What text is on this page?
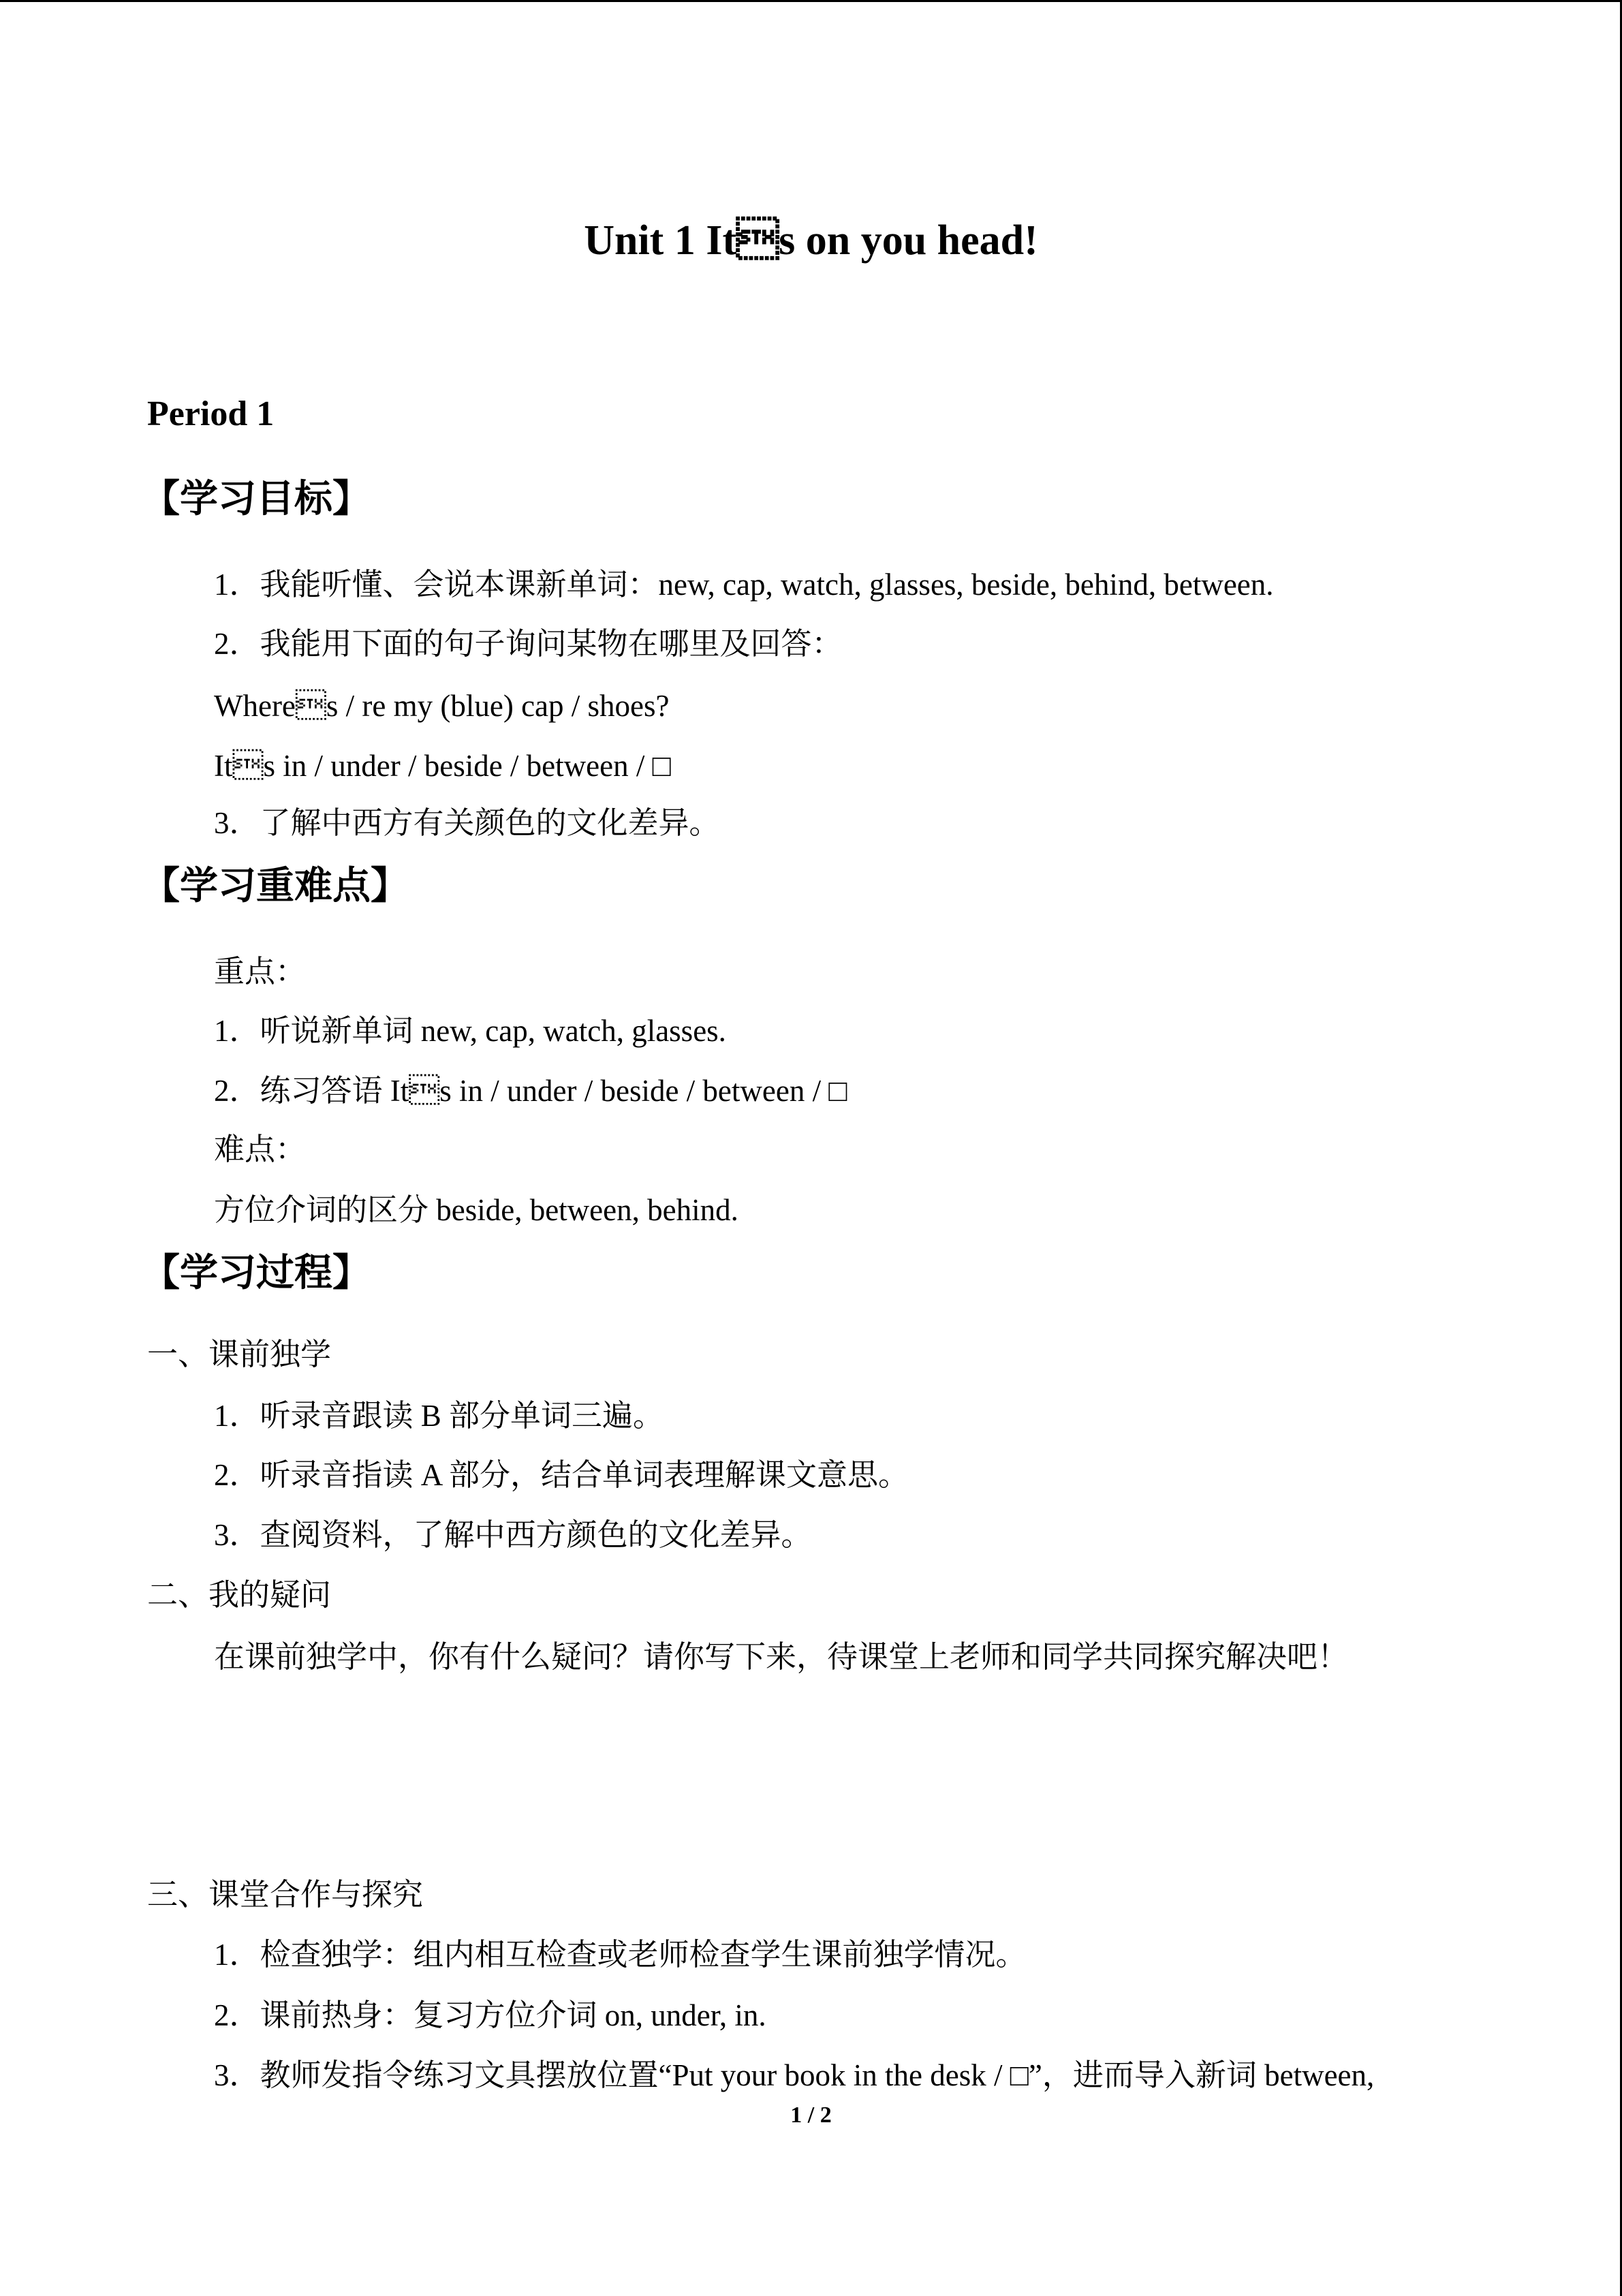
Unit 1 Its on you head!
Period 1
【学习目标】
1．我能听懂、会说本课新单词：new, cap, watch, glasses, beside, behind, between.
2．我能用下面的句子询问某物在哪里及回答：
Wheres / re my (blue) cap / shoes?
Its in / under / beside / between / □
3．了解中西方有关颜色的文化差异。
【学习重难点】
重点：
1．听说新单词 new, cap, watch, glasses.
2．练习答语 Its in / under / beside / between / □
难点：
方位介词的区分 beside, between, behind.
【学习过程】
一、课前独学
1．听录音跟读 B 部分单词三遍。
2．听录音指读 A 部分，结合单词表理解课文意思。
3．查阅资料，了解中西方颜色的文化差异。
二、我的疑问
在课前独学中，你有什么疑问？请你写下来，待课堂上老师和同学共同探究解决吧！
三、课堂合作与探究
1．检查独学：组内相互检查或老师检查学生课前独学情况。
2．课前热身：复习方位介词 on, under, in.
3．教师发指令练习文具摆放位置“Put your book in the desk / □”，进而导入新词 between,
1 / 2
